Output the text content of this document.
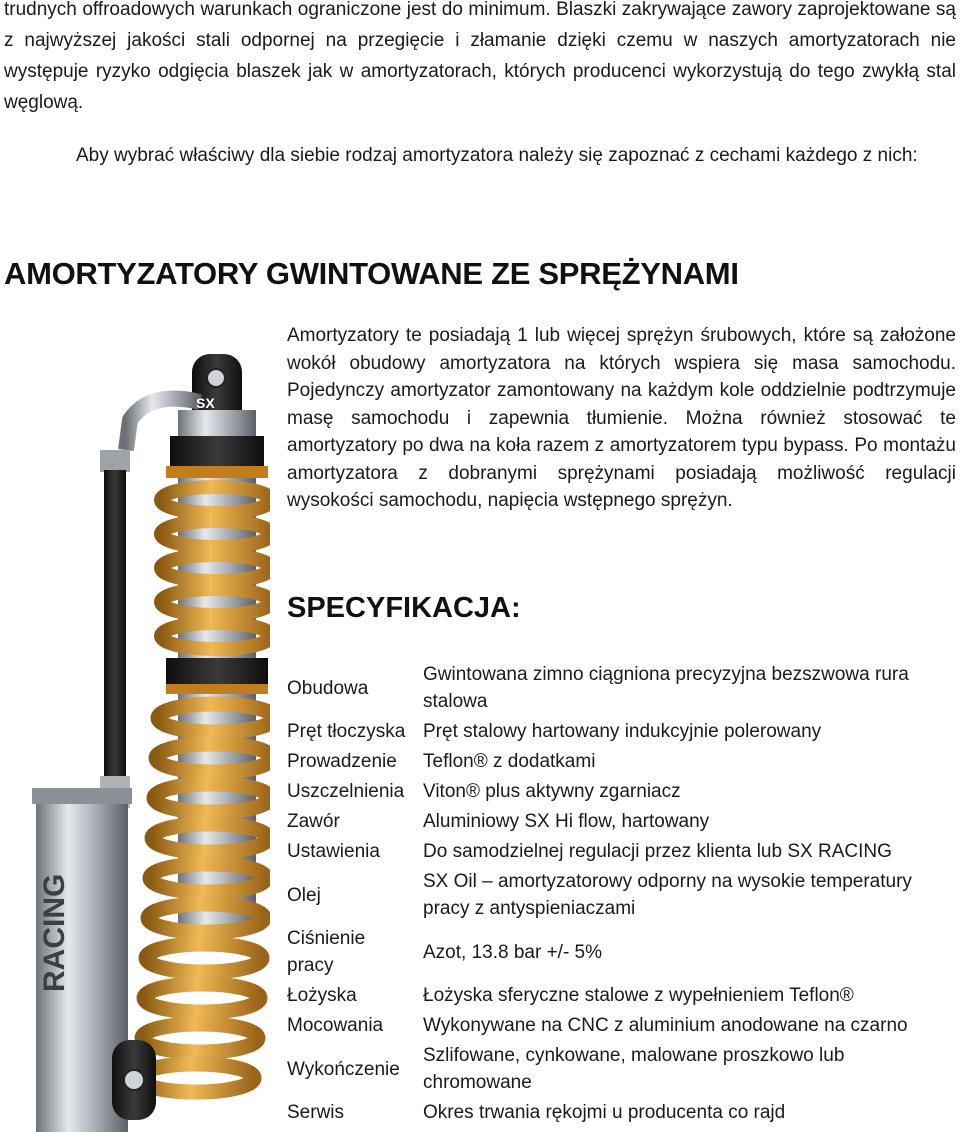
trudnych offroadowych warunkach ograniczone jest do minimum. Blaszki zakrywające zawory zaprojektowane są z najwyższej jakości stali odpornej na przegięcie i złamanie dzięki czemu w naszych amortyzatorach nie występuje ryzyko odgięcia blaszek jak w amortyzatorach, których producenci wykorzystują do tego zwykłą stal węglową.
Aby wybrać właściwy dla siebie rodzaj amortyzatora należy się zapoznać z cechami każdego z nich:
AMORTYZATORY GWINTOWANE ZE SPRĘŻYNAMI
Amortyzatory te posiadają 1 lub więcej sprężyn śrubowych, które są założone wokół obudowy amortyzatora na których wspiera się masa samochodu. Pojedynczy amortyzator zamontowany na każdym kole oddzielnie podtrzymuje masę samochodu i zapewnia tłumienie. Można również stosować te amortyzatory po dwa na koła razem z amortyzatorem typu bypass. Po montażu amortyzatora z dobranymi sprężynami posiadają możliwość regulacji wysokości samochodu, napięcia wstępnego sprężyn.
SPECYFIKACJA:
Obudowa	Gwintowana zimno ciągniona precyzyjna bezszwowa rura stalowa
Pręt tłoczyska	Pręt stalowy hartowany indukcyjnie polerowany
Prowadzenie	Teflon® z dodatkami
Uszczelnienia	Viton® plus aktywny zgarniacz
Zawór	Aluminiowy SX Hi flow, hartowany
Ustawienia	Do samodzielnej regulacji przez klienta lub SX RACING
Olej	SX Oil – amortyzatorowy odporny na wysokie temperatury pracy z antyspieniaczami
Ciśnienie pracy	Azot, 13.8 bar +/- 5%
Łożyska	Łożyska sferyczne stalowe z wypełnieniem Teflon®
Mocowania	Wykonywane na CNC z aluminium anodowane na czarno
Wykończenie	Szlifowane, cynkowane, malowane proszkowo lub chromowane
Serwis	Okres trwania rękojmi u producenta co rajd
SX
RACING
